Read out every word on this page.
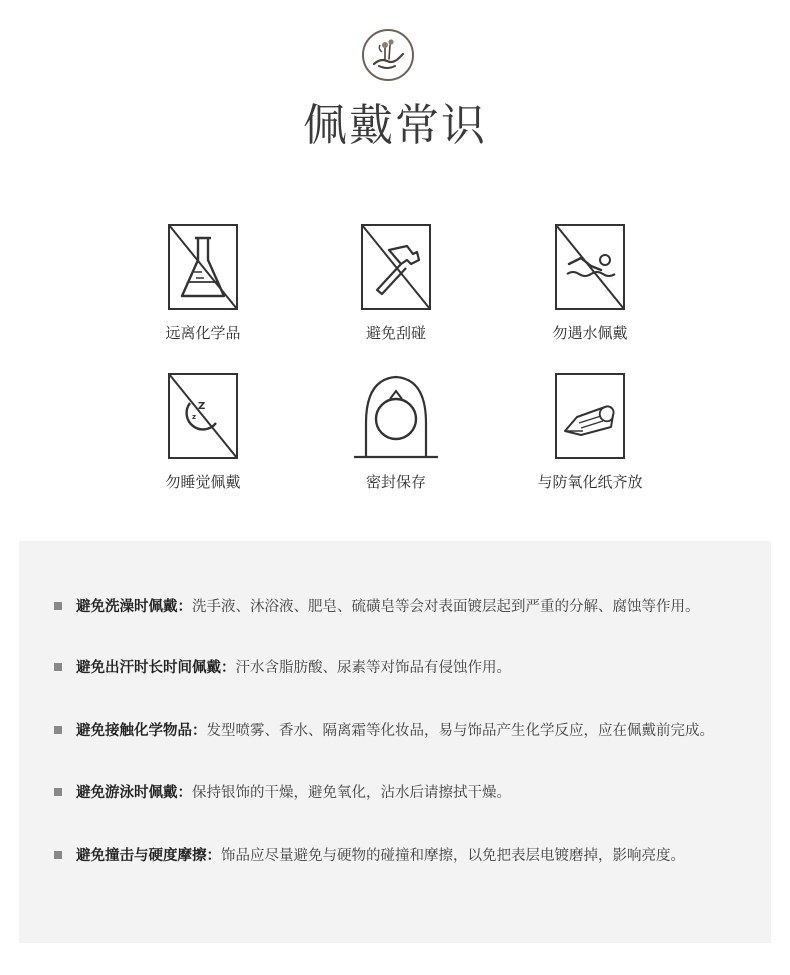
佩戴常识
远离化学品	避免刮碰	勿遇水佩戴
Z
z
勿睡觉佩戴	密封保存	与防氧化纸齐放
避免洗澡时佩戴：洗手液、沐浴液、肥皂、硫磺皂等会对表面镀层起到严重的分解、腐蚀等作用。
避免出汗时长时间佩戴：汗水含脂肪酸、尿素等对饰品有侵蚀作用。
避免接触化学物品：发型喷雾、香水、隔离霜等化妆品，易与饰品产生化学反应，应在佩戴前完成。
避免游泳时佩戴：保持银饰的干燥，避免氧化，沾水后请擦拭干燥。
避免撞击与硬度摩擦：饰品应尽量避免与硬物的碰撞和摩擦，以免把表层电镀磨掉，影响亮度。
